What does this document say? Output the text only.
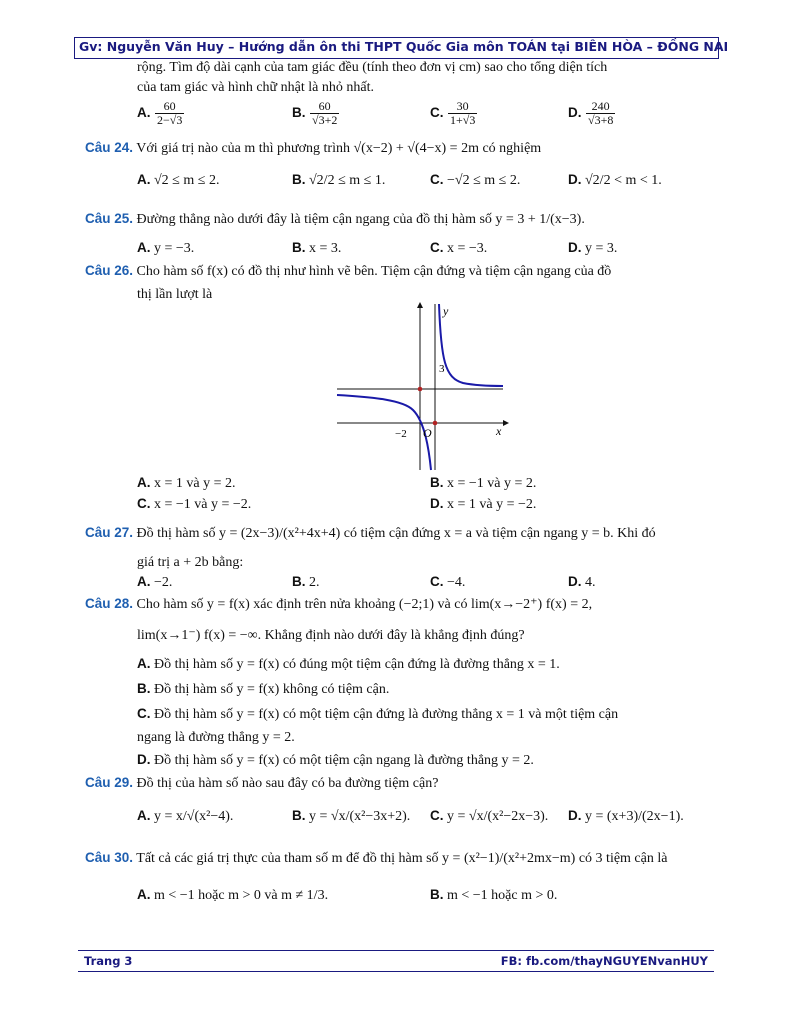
Gv: Nguyễn Văn Huy – Hướng dẫn ôn thi THPT Quốc Gia môn TOÁN tại BIÊN HÒA – ĐỒNG NAI
rộng. Tìm độ dài cạnh của tam giác đều (tính theo đơn vị cm) sao cho tổng diện tích
của tam giác và hình chữ nhật là nhỏ nhất.
A. $\frac{60}{2-√3}$	B. $\frac{60}{√3+2}$	C. $\frac{30}{1+√3}$	D. $\frac{240}{√3+8}$
Câu 24. Với giá trị nào của m thì phương trình √(x−2) + √(4−x) = 2m có nghiệm
A. √2 ≤ m ≤ 2.	B. √2/2 ≤ m ≤ 1.	C. −√2 ≤ m ≤ 2.	D. √2/2 < m < 1.
Câu 25. Đường thẳng nào dưới đây là tiệm cận ngang của đồ thị hàm số y = 3 + 1/(x−3).
A. y = −3.	B. x = 3.	C. x = −3.	D. y = 3.
Câu 26. Cho hàm số f(x) có đồ thị như hình vẽ bên. Tiệm cận đứng và tiệm cận ngang của đồ
thị lần lượt là
y
x
O
−2
3
A. x = 1 và y = 2.	B. x = −1 và y = 2.
C. x = −1 và y = −2.	D. x = 1 và y = −2.
Câu 27. Đồ thị hàm số y = (2x−3)/(x²+4x+4) có tiệm cận đứng x = a và tiệm cận ngang y = b. Khi đó
giá trị a + 2b bằng:
A. −2.	B. 2.	C. −4.	D. 4.
Câu 28. Cho hàm số y = f(x) xác định trên nửa khoảng (−2;1) và có lim(x→−2⁺) f(x) = 2,
lim(x→1⁻) f(x) = −∞. Khẳng định nào dưới đây là khẳng định đúng?
A. Đồ thị hàm số y = f(x) có đúng một tiệm cận đứng là đường thẳng x = 1.
B. Đồ thị hàm số y = f(x) không có tiệm cận.
C. Đồ thị hàm số y = f(x) có một tiệm cận đứng là đường thẳng x = 1 và một tiệm cận
ngang là đường thẳng y = 2.
D. Đồ thị hàm số y = f(x) có một tiệm cận ngang là đường thẳng y = 2.
Câu 29. Đồ thị của hàm số nào sau đây có ba đường tiệm cận?
A. y = x/√(x²−4).	B. y = √x/(x²−3x+2). C. y = √x/(x²−2x−3). D. y = (x+3)/(2x−1).
Câu 30. Tất cả các giá trị thực của tham số m để đồ thị hàm số y = (x²−1)/(x²+2mx−m) có 3 tiệm cận là
A. m < −1 hoặc m > 0 và m ≠ 1/3.	B. m < −1 hoặc m > 0.
Trang 3	FB: fb.com/thayNGUYENvanHUY
